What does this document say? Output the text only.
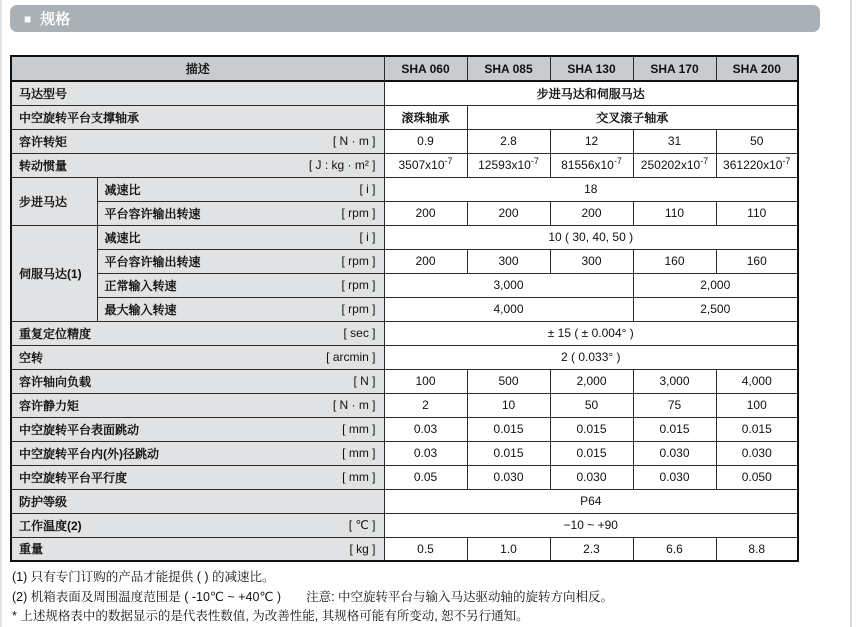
■ 规格
描述		SHA 060	SHA 085	SHA 130	SHA 170	SHA 200

马达型号		步进马达和伺服马达				

中空旋转平台支撑轴承		滚珠轴承	交叉滚子轴承			

容许转矩 [ N · m ]		0.9	2.8	12	31	50

转动惯量 [ J : kg · m² ]		$3507x10^{-7}$	$12593x10^{-7}$	$81556x10^{-7}$	$250202x10^{-7}$	$361220x10^{-7}$
步进马达	减速比 [ i ]	18				

	平台容许输出转速 [ rpm ]	200	200	200	110	110
伺服马达(1)	减速比 [ i ]	10 ( 30, 40, 50 )				

	平台容许输出转速 [ rpm ]	200	300	300	160	160

	正常输入转速 [ rpm ]	3,000			2,000	

	最大输入转速 [ rpm ]	4,000			2,500	

重复定位精度 [ sec ]		± 15 ( ± 0.004° )				

空转 [ arcmin ]		2 ( 0.033° )				

容许轴向负载 [ N ]		100	500	2,000	3,000	4,000

容许静力矩 [ N · m ]		2	10	50	75	100

中空旋转平台表面跳动 [ mm ]		0.03	0.015	0.015	0.015	0.015

中空旋转平台内(外)径跳动 [ mm ]		0.03	0.015	0.015	0.030	0.030

中空旋转平台平行度 [ mm ]		0.05	0.030	0.030	0.030	0.050

防护等级		P64				

工作温度(2) [ ℃ ]		−10 ~ +90				

重量 [ kg ]		0.5	1.0	2.3	6.6	8.8
(1) 只有专门订购的产品才能提供 ( ) 的减速比。
(2) 机箱表面及周围温度范围是 ( -10℃ ~ +40℃ )　　注意: 中空旋转平台与输入马达驱动轴的旋转方向相反。
* 上述规格表中的数据显示的是代表性数值, 为改善性能, 其规格可能有所变动, 恕不另行通知。
